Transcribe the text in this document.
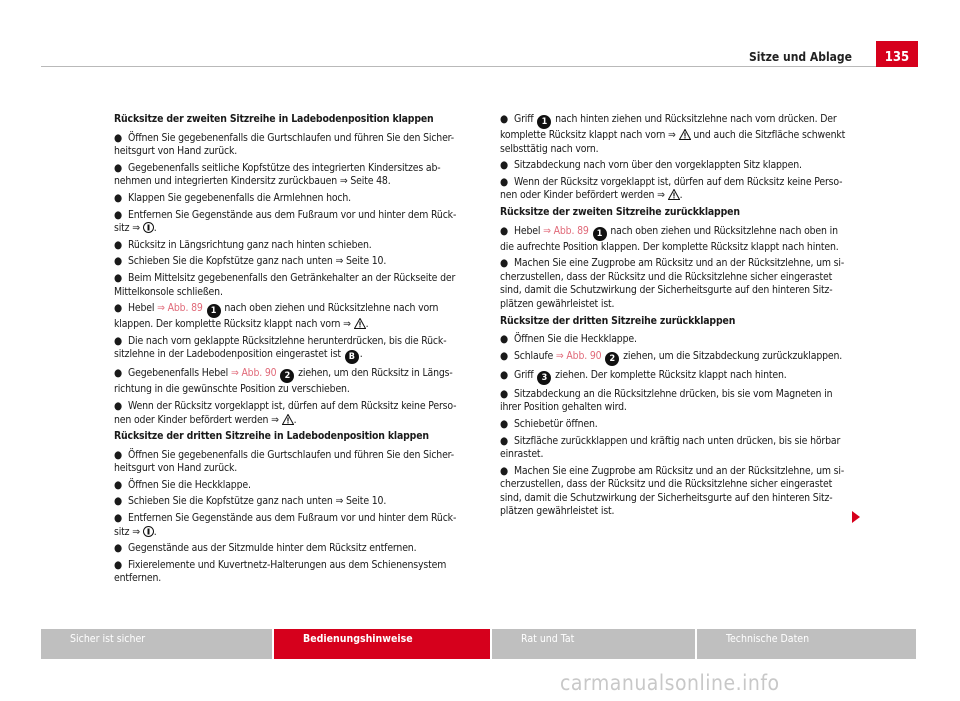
Sitze und Ablage	135

Rücksitze der zweiten Sitzreihe in Ladebodenposition klappen

● Öffnen Sie gegebenenfalls die Gurtschlaufen und führen Sie den Sicher-heitsgurt von Hand zurück.

● Gegebenenfalls seitliche Kopfstütze des integrierten Kindersitzes ab-nehmen und integrierten Kindersitz zurückbauen ⇒ Seite 48.

● Klappen Sie gegebenenfalls die Armlehnen hoch.

● Entfernen Sie Gegenstände aus dem Fußraum vor und hinter dem Rück-sitz ⇒ .

● Rücksitz in Längsrichtung ganz nach hinten schieben.

● Schieben Sie die Kopfstütze ganz nach unten ⇒ Seite 10.

● Beim Mittelsitz gegebenenfalls den Getränkehalter an der Rückseite der Mittelkonsole schließen.

● Hebel ⇒ Abb. 89 1 nach oben ziehen und Rücksitzlehne nach vorn klappen. Der komplette Rücksitz klappt nach vorn ⇒ .

● Die nach vorn geklappte Rücksitzlehne herunterdrücken, bis die Rück-sitzlehne in der Ladebodenposition eingerastet ist B .

● Gegebenenfalls Hebel ⇒ Abb. 90 2 ziehen, um den Rücksitz in Längs-richtung in die gewünschte Position zu verschieben.

● Wenn der Rücksitz vorgeklappt ist, dürfen auf dem Rücksitz keine Perso-nen oder Kinder befördert werden ⇒ .

Rücksitze der dritten Sitzreihe in Ladebodenposition klappen

● Öffnen Sie gegebenenfalls die Gurtschlaufen und führen Sie den Sicher-heitsgurt von Hand zurück.

● Öffnen Sie die Heckklappe.

● Schieben Sie die Kopfstütze ganz nach unten ⇒ Seite 10.

● Entfernen Sie Gegenstände aus dem Fußraum vor und hinter dem Rück-sitz ⇒ .

● Gegenstände aus der Sitzmulde hinter dem Rücksitz entfernen.

● Fixierelemente und Kuvertnetz-Halterungen aus dem Schienensystem entfernen.

● Griff 1 nach hinten ziehen und Rücksitzlehne nach vorn drücken. Der komplette Rücksitz klappt nach vorn ⇒  und auch die Sitzfläche schwenkt selbsttätig nach vorn.

● Sitzabdeckung nach vorn über den vorgeklappten Sitz klappen.

● Wenn der Rücksitz vorgeklappt ist, dürfen auf dem Rücksitz keine Perso-nen oder Kinder befördert werden ⇒ .

Rücksitze der zweiten Sitzreihe zurückklappen

● Hebel ⇒ Abb. 89 1 nach oben ziehen und Rücksitzlehne nach oben in die aufrechte Position klappen. Der komplette Rücksitz klappt nach hinten.

● Machen Sie eine Zugprobe am Rücksitz und an der Rücksitzlehne, um si-cherzustellen, dass der Rücksitz und die Rücksitzlehne sicher eingerastet sind, damit die Schutzwirkung der Sicherheitsgurte auf den hinteren Sitz-plätzen gewährleistet ist.

Rücksitze der dritten Sitzreihe zurückklappen

● Öffnen Sie die Heckklappe.

● Schlaufe ⇒ Abb. 90 2 ziehen, um die Sitzabdeckung zurückzuklappen.

● Griff 3 ziehen. Der komplette Rücksitz klappt nach hinten.

● Sitzabdeckung an die Rücksitzlehne drücken, bis sie vom Magneten in ihrer Position gehalten wird.

● Schiebetür öffnen.

● Sitzfläche zurückklappen und kräftig nach unten drücken, bis sie hörbar einrastet.

● Machen Sie eine Zugprobe am Rücksitz und an der Rücksitzlehne, um si-cherzustellen, dass der Rücksitz und die Rücksitzlehne sicher eingerastet sind, damit die Schutzwirkung der Sicherheitsgurte auf den hinteren Sitz-plätzen gewährleistet ist.

Sicher ist sicher	Bedienungshinweise	Rat und Tat	Technische Daten
carmanualsonline.info
